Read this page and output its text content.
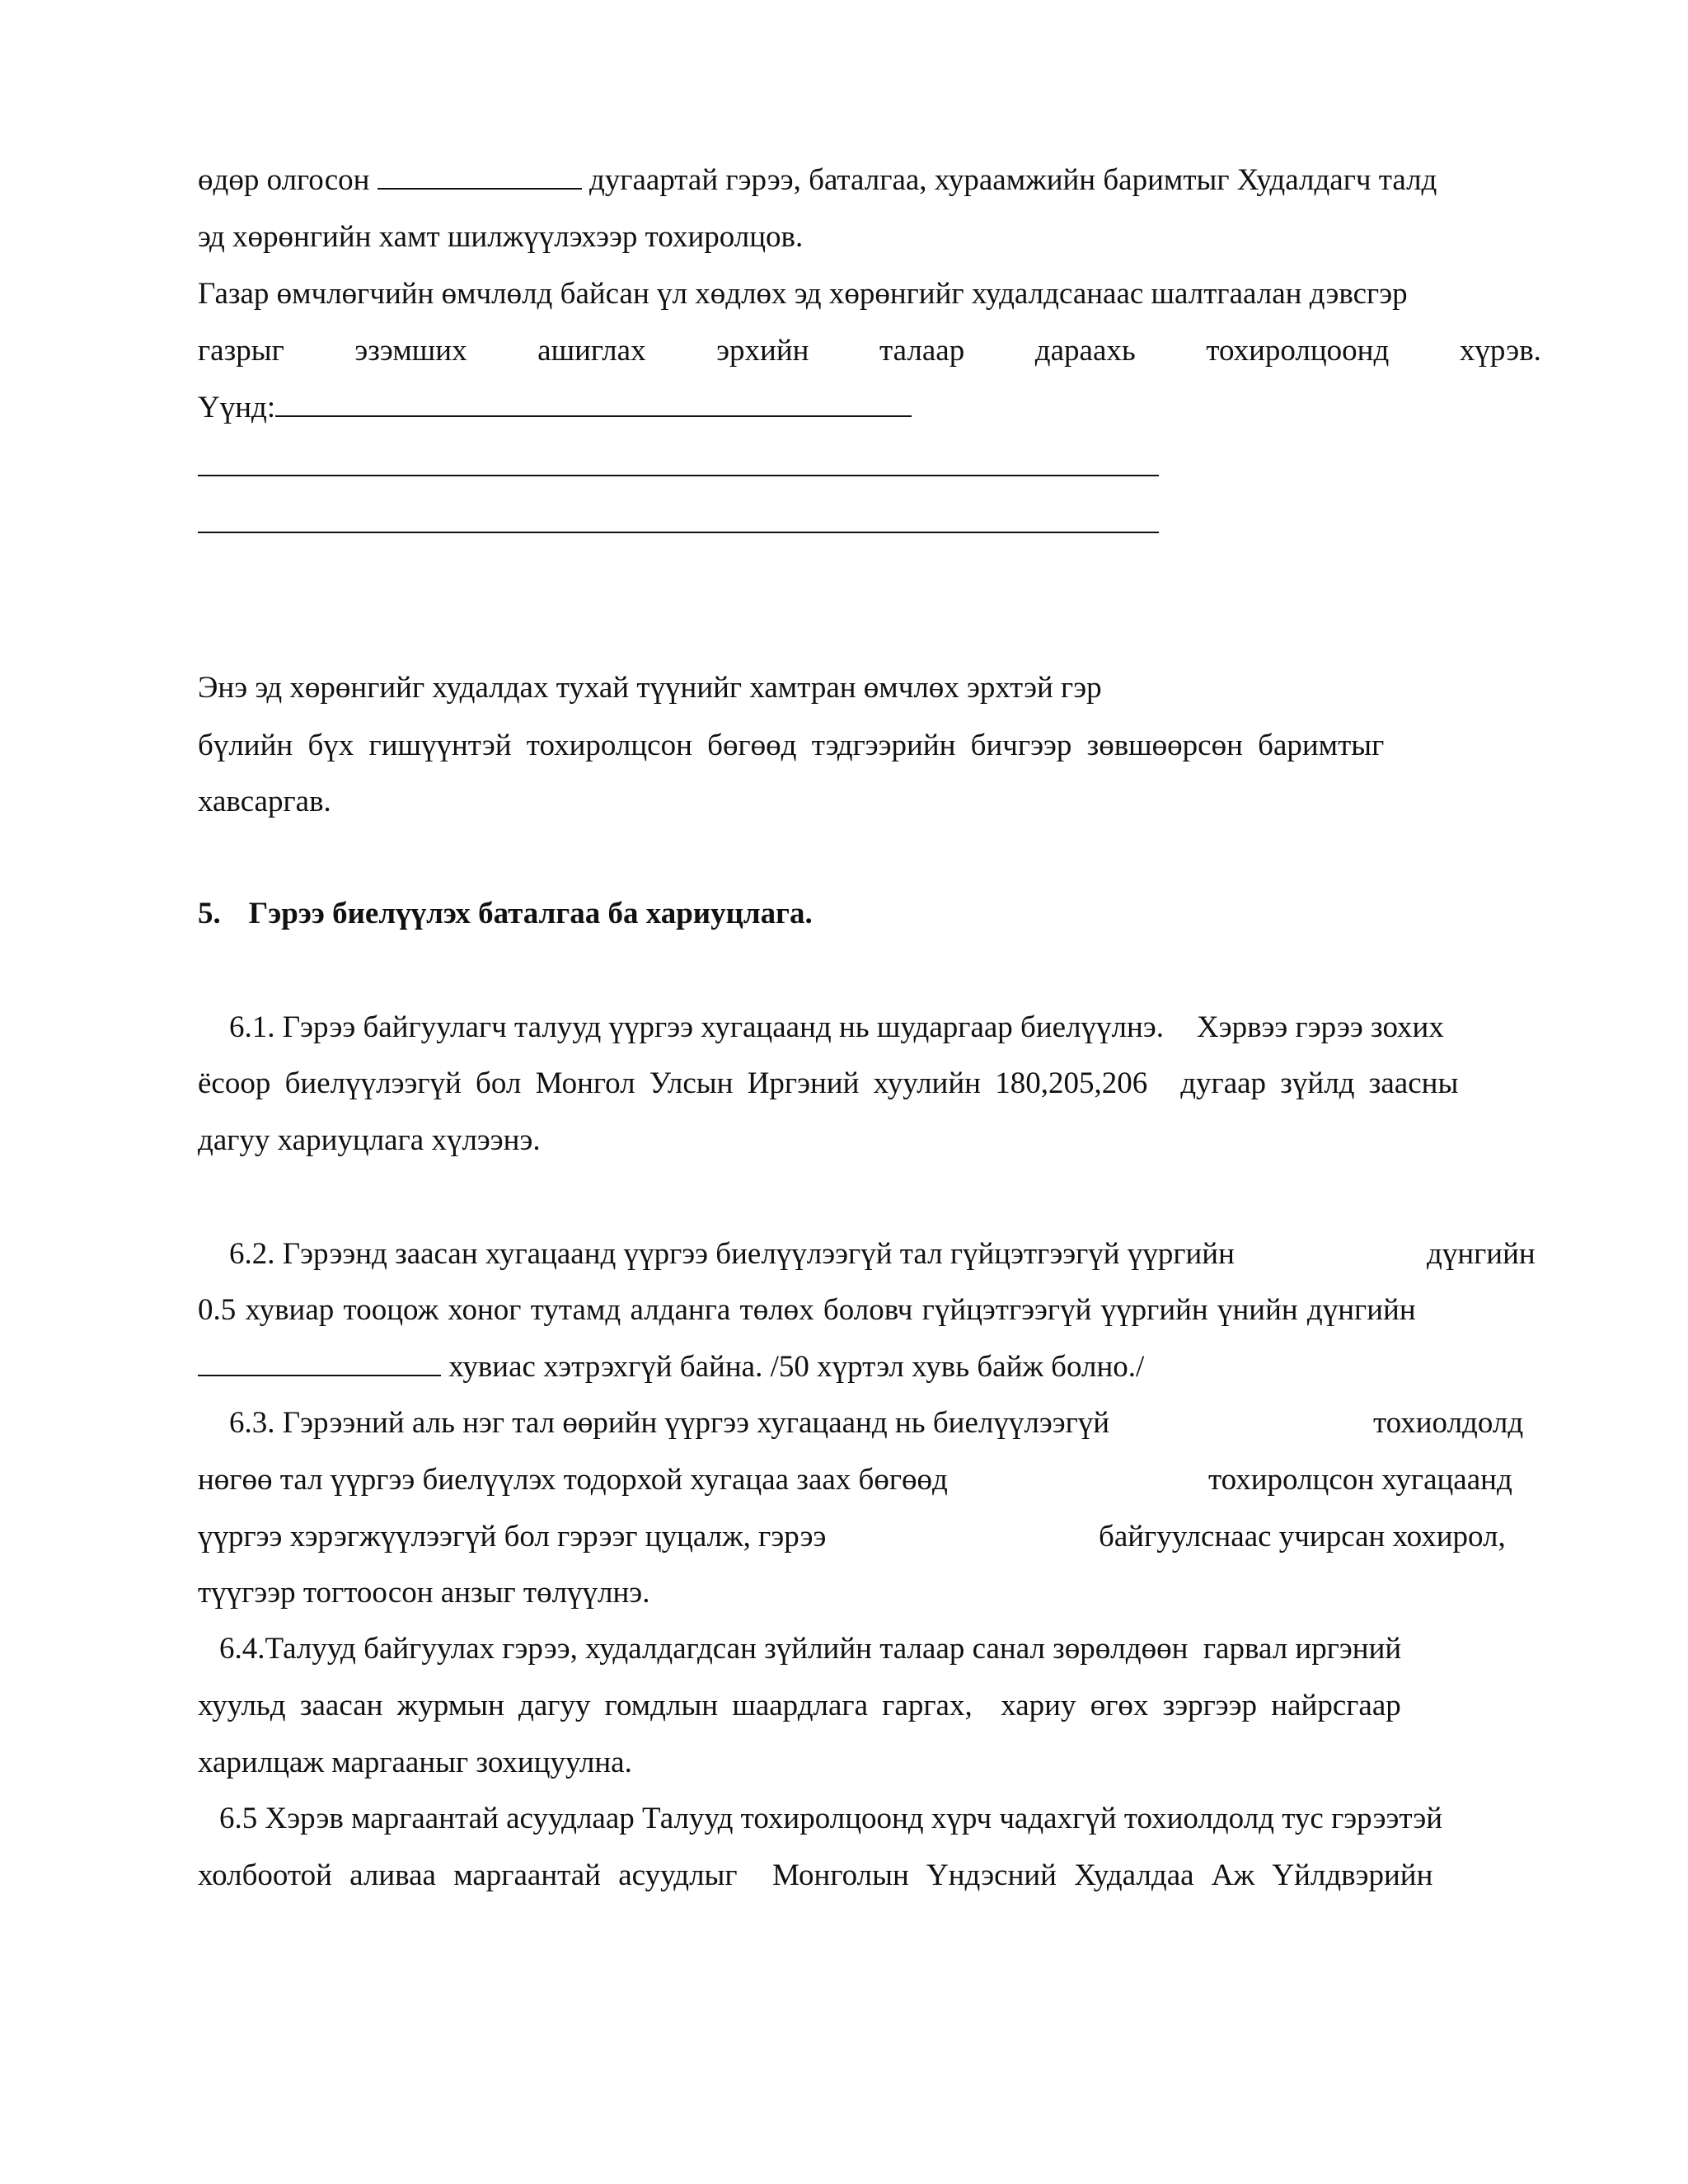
өдөр олгосон	дугаартай гэрээ, баталгаа, хураамжийн баримтыг Худалдагч талд
эд хөрөнгийн хамт шилжүүлэхээр тохиролцов.
Газар өмчлөгчийн өмчлөлд байсан үл хөдлөх эд хөрөнгийг худалдсанаас шалтгаалан дэвсгэр
газрыг эзэмших ашиглах эрхийн талаар дараахь тохиролцоонд хүрэв.
Үүнд:
Энэ эд хөрөнгийг худалдах тухай түүнийг хамтран өмчлөх эрхтэй гэр
бүлийн бүх гишүүнтэй тохиролцсон бөгөөд тэдгээрийн бичгээр зөвшөөрсөн баримтыг
хавсаргав.
5. Гэрээ биелүүлэх баталгаа ба хариуцлага.
6.1. Гэрээ байгуулагч талууд үүргээ хугацаанд нь шударгаар биелүүлнэ. Хэрвээ гэрээ зохих
ёсоор биелүүлээгүй бол Монгол Улсын Иргэний хуулийн 180,205,206 дугаар зүйлд заасны
дагуу хариуцлага хүлээнэ.
6.2. Гэрээнд заасан хугацаанд үүргээ биелүүлээгүй тал гүйцэтгээгүй үүргийн	дүнгийн
0.5 хувиар тооцож хоног тутамд алданга төлөх боловч гүйцэтгээгүй үүргийн үнийн дүнгийн
хувиас хэтрэхгүй байна. /50 хүртэл хувь байж болно./
6.3. Гэрээний аль нэг тал өөрийн үүргээ хугацаанд нь биелүүлээгүй	тохиолдолд
нөгөө тал үүргээ биелүүлэх тодорхой хугацаа заах бөгөөд	тохиролцсон хугацаанд
үүргээ хэрэгжүүлээгүй бол гэрээг цуцалж, гэрээ	байгуулснаас учирсан хохирол,
түүгээр тогтоосон анзыг төлүүлнэ.
6.4.Талууд байгуулах гэрээ, худалдагдсан зүйлийн талаар санал зөрөлдөөн  гарвал иргэний
хуульд заасан журмын дагуу гомдлын шаардлага гаргах,  хариу өгөх зэргээр найрсгаар
харилцаж маргааныг зохицуулна.
6.5 Хэрэв маргаантай асуудлаар Талууд тохиролцоонд хүрч чадахгүй тохиолдолд тус гэрээтэй
холбоотой аливаа маргаантай асуудлыг  Монголын Үндэсний Худалдаа Аж Үйлдвэрийн
